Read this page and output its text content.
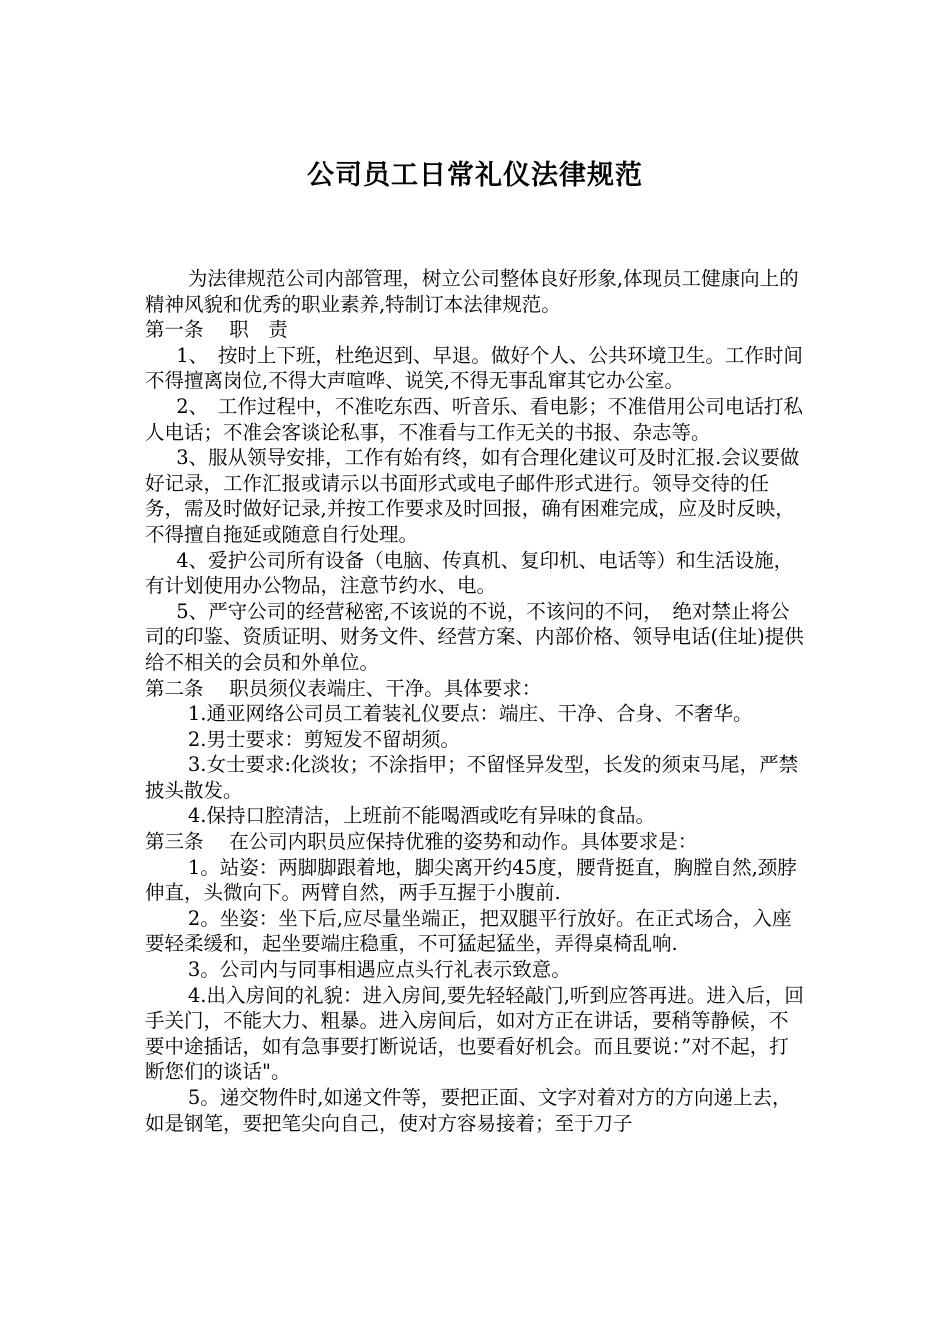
公司员工日常礼仪法律规范

为法律规范公司内部管理，树立公司整体良好形象,体现员工健康向上的精神风貌和优秀的职业素养,特制订本法律规范。

第一条　 职　责

1、　按时上下班，杜绝迟到、早退。做好个人、公共环境卫生。工作时间不得擅离岗位,不得大声喧哗、说笑,不得无事乱窜其它办公室。

2、　工作过程中，不准吃东西、听音乐、看电影；不准借用公司电话打私人电话；不准会客谈论私事，不准看与工作无关的书报、杂志等。

3、服从领导安排，工作有始有终，如有合理化建议可及时汇报.会议要做好记录，工作汇报或请示以书面形式或电子邮件形式进行。领导交待的任务，需及时做好记录,并按工作要求及时回报，确有困难完成，应及时反映，不得擅自拖延或随意自行处理。

4、爱护公司所有设备（电脑、传真机、复印机、电话等）和生活设施，有计划使用办公物品，注意节约水、电。

5、严守公司的经营秘密,不该说的不说，不该问的不问，　绝对禁止将公司的印鉴、资质证明、财务文件、经营方案、内部价格、领导电话(住址)提供给不相关的会员和外单位。

第二条　 职员须仪表端庄、干净。具体要求：

1.通亚网络公司员工着装礼仪要点：端庄、干净、合身、不奢华。

2.男士要求：剪短发不留胡须。

3.女士要求:化淡妆；不涂指甲；不留怪异发型，长发的须束马尾，严禁披头散发。

4.保持口腔清洁，上班前不能喝酒或吃有异味的食品。

第三条　 在公司内职员应保持优雅的姿势和动作。具体要求是：

1。站姿：两脚脚跟着地，脚尖离开约45度，腰背挺直，胸膛自然,颈脖伸直，头微向下。两臂自然，两手互握于小腹前.

2。坐姿：坐下后,应尽量坐端正，把双腿平行放好。在正式场合，入座要轻柔缓和，起坐要端庄稳重，不可猛起猛坐，弄得桌椅乱响.

3。公司内与同事相遇应点头行礼表示致意。

4.出入房间的礼貌：进入房间,要先轻轻敲门,听到应答再进。进入后，回手关门，不能大力、粗暴。进入房间后，如对方正在讲话，要稍等静候，不要中途插话，如有急事要打断说话，也要看好机会。而且要说：”对不起，打断您们的谈话"。

5。递交物件时,如递文件等，要把正面、文字对着对方的方向递上去，如是钢笔，要把笔尖向自己，使对方容易接着；至于刀子
